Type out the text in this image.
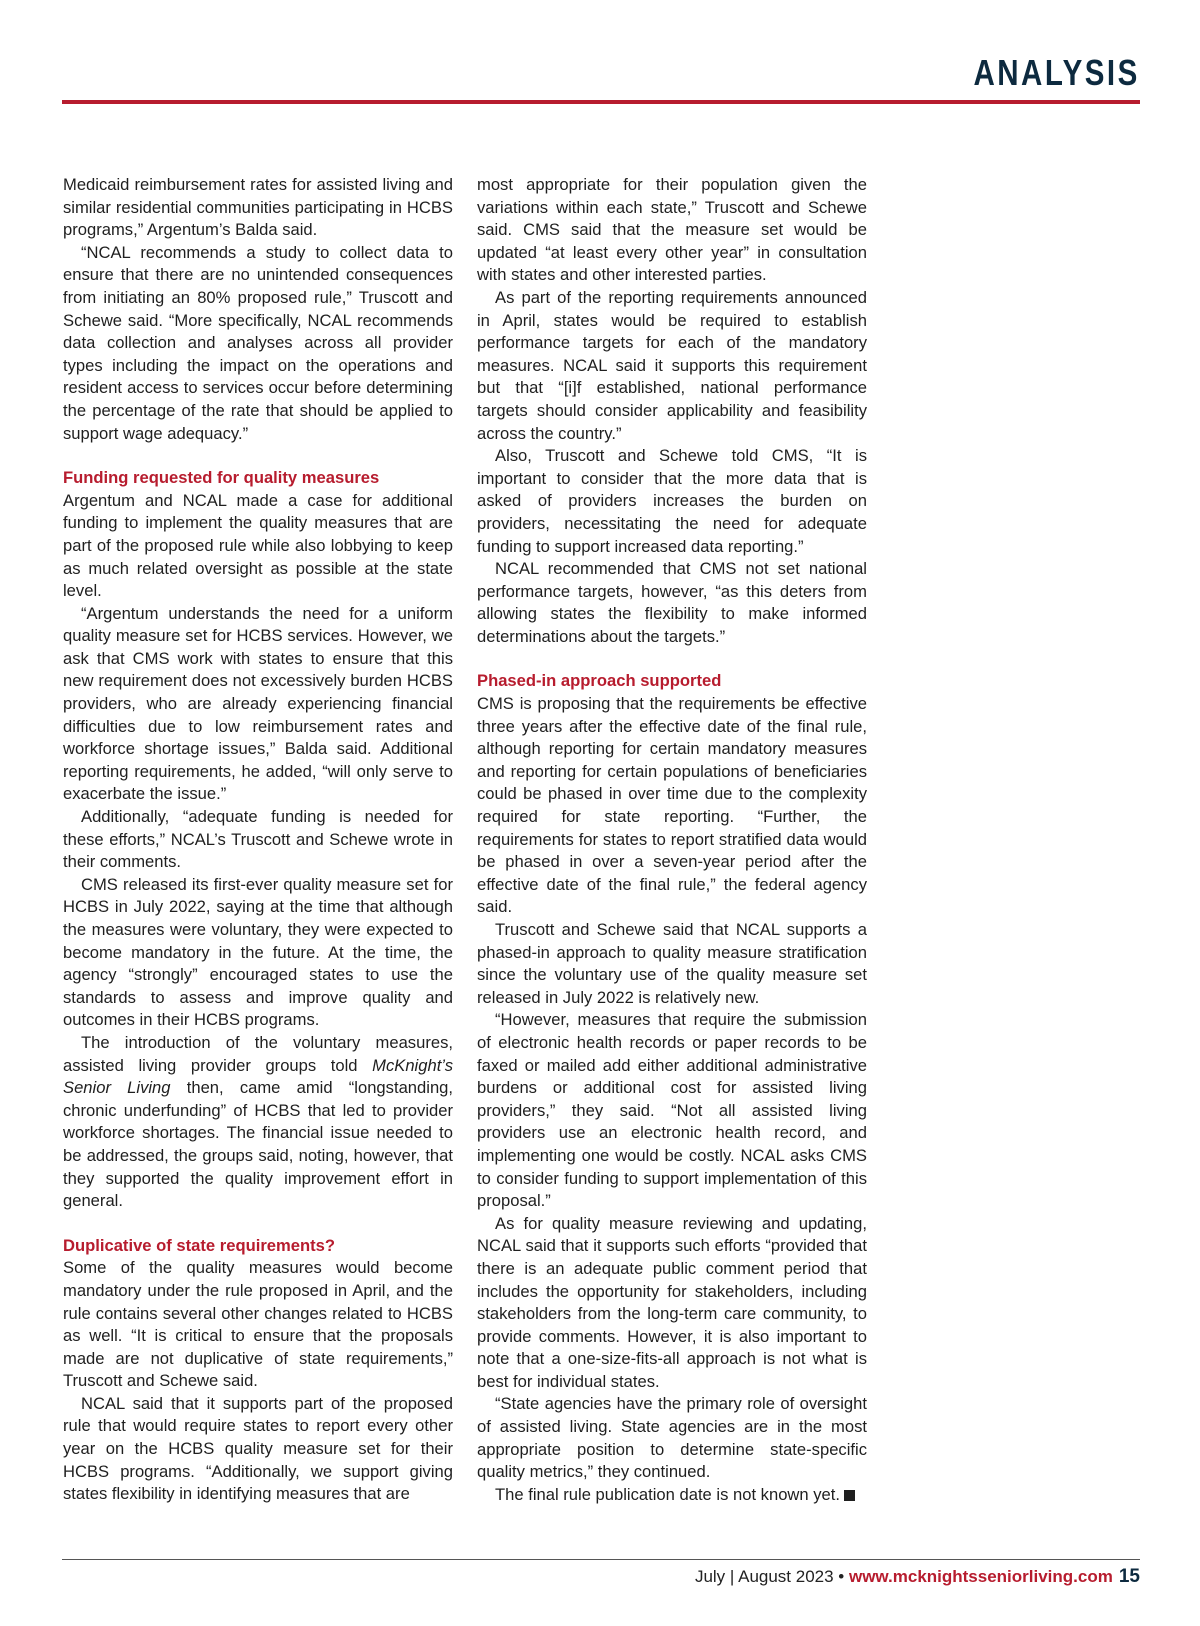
ANALYSIS

Medicaid reimbursement rates for assisted living and similar residential communities participating in HCBS programs,” Argentum’s Balda said.

“NCAL recommends a study to collect data to ensure that there are no unintended consequences from initiating an 80% proposed rule,” Truscott and Schewe said. “More specifically, NCAL recommends data collection and analyses across all provider types including the impact on the operations and resident access to services occur before determining the percentage of the rate that should be applied to support wage adequacy.”

Funding requested for quality measures

Argentum and NCAL made a case for additional funding to implement the quality measures that are part of the proposed rule while also lobbying to keep as much related oversight as possible at the state level.

“Argentum understands the need for a uniform quality measure set for HCBS services. However, we ask that CMS work with states to ensure that this new requirement does not excessively burden HCBS providers, who are already experiencing financial difficulties due to low reimbursement rates and workforce shortage issues,” Balda said. Additional reporting requirements, he added, “will only serve to exacerbate the issue.”

Additionally, “adequate funding is needed for these efforts,” NCAL’s Truscott and Schewe wrote in their comments.

CMS released its first-ever quality measure set for HCBS in July 2022, saying at the time that although the measures were voluntary, they were expected to become mandatory in the future. At the time, the agency “strongly” encouraged states to use the standards to assess and improve quality and outcomes in their HCBS programs.

The introduction of the voluntary measures, assisted living provider groups told McKnight’s Senior Living then, came amid “longstanding, chronic underfunding” of HCBS that led to provider workforce shortages. The financial issue needed to be addressed, the groups said, noting, however, that they supported the quality improvement effort in general.

Duplicative of state requirements?

Some of the quality measures would become mandatory under the rule proposed in April, and the rule contains several other changes related to HCBS as well. “It is critical to ensure that the proposals made are not duplicative of state requirements,” Truscott and Schewe said.

NCAL said that it supports part of the proposed rule that would require states to report every other year on the HCBS quality measure set for their HCBS programs. “Additionally, we support giving states flexibility in identifying measures that are

most appropriate for their population given the variations within each state,” Truscott and Schewe said. CMS said that the measure set would be updated “at least every other year” in consultation with states and other interested parties.

As part of the reporting requirements announced in April, states would be required to establish performance targets for each of the mandatory measures. NCAL said it supports this requirement but that “[i]f established, national performance targets should consider applicability and feasibility across the country.”

Also, Truscott and Schewe told CMS, “It is important to consider that the more data that is asked of providers increases the burden on providers, necessitating the need for adequate funding to support increased data reporting.”

NCAL recommended that CMS not set national performance targets, however, “as this deters from allowing states the flexibility to make informed determinations about the targets.”

Phased-in approach supported

CMS is proposing that the requirements be effective three years after the effective date of the final rule, although reporting for certain mandatory measures and reporting for certain populations of beneficiaries could be phased in over time due to the complexity required for state reporting. “Further, the requirements for states to report stratified data would be phased in over a seven-year period after the effective date of the final rule,” the federal agency said.

Truscott and Schewe said that NCAL supports a phased-in approach to quality measure stratification since the voluntary use of the quality measure set released in July 2022 is relatively new.

“However, measures that require the submission of electronic health records or paper records to be faxed or mailed add either additional administrative burdens or additional cost for assisted living providers,” they said. “Not all assisted living providers use an electronic health record, and implementing one would be costly. NCAL asks CMS to consider funding to support implementation of this proposal.”

As for quality measure reviewing and updating, NCAL said that it supports such efforts “provided that there is an adequate public comment period that includes the opportunity for stakeholders, including stakeholders from the long-term care community, to provide comments. However, it is also important to note that a one-size-fits-all approach is not what is best for individual states.

“State agencies have the primary role of oversight of assisted living. State agencies are in the most appropriate position to determine state-specific quality metrics,” they continued.

The final rule publication date is not known yet.

July | August 2023 • www.mcknightsseniorliving.com 15
